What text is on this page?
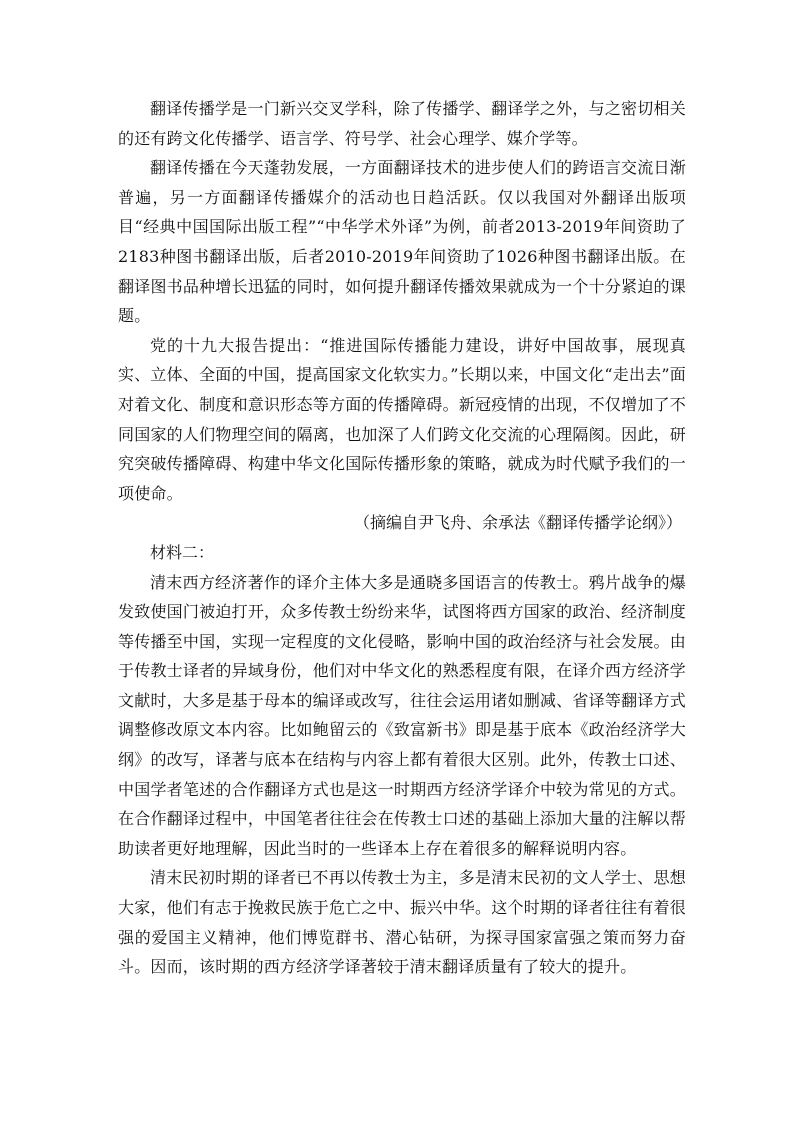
翻译传播学是一门新兴交叉学科，除了传播学、翻译学之外，与之密切相关的还有跨文化传播学、语言学、符号学、社会心理学、媒介学等。

翻译传播在今天蓬勃发展，一方面翻译技术的进步使人们的跨语言交流日渐普遍，另一方面翻译传播媒介的活动也日趋活跃。仅以我国对外翻译出版项目“经典中国国际出版工程”“中华学术外译”为例，前者2013-2019年间资助了2183种图书翻译出版，后者2010-2019年间资助了1026种图书翻译出版。在翻译图书品种增长迅猛的同时，如何提升翻译传播效果就成为一个十分紧迫的课题。

党的十九大报告提出：“推进国际传播能力建设，讲好中国故事，展现真实、立体、全面的中国，提高国家文化软实力。”长期以来，中国文化“走出去”面对着文化、制度和意识形态等方面的传播障碍。新冠疫情的出现，不仅增加了不同国家的人们物理空间的隔离，也加深了人们跨文化交流的心理隔阂。因此，研究突破传播障碍、构建中华文化国际传播形象的策略，就成为时代赋予我们的一项使命。

（摘编自尹飞舟、余承法《翻译传播学论纲》）

材料二：

清末西方经济著作的译介主体大多是通晓多国语言的传教士。鸦片战争的爆发致使国门被迫打开，众多传教士纷纷来华，试图将西方国家的政治、经济制度等传播至中国，实现一定程度的文化侵略，影响中国的政治经济与社会发展。由于传教士译者的异域身份，他们对中华文化的熟悉程度有限，在译介西方经济学文献时，大多是基于母本的编译或改写，往往会运用诸如删减、省译等翻译方式调整修改原文本内容。比如鲍留云的《致富新书》即是基于底本《政治经济学大纲》的改写，译著与底本在结构与内容上都有着很大区别。此外，传教士口述、中国学者笔述的合作翻译方式也是这一时期西方经济学译介中较为常见的方式。在合作翻译过程中，中国笔者往往会在传教士口述的基础上添加大量的注解以帮助读者更好地理解，因此当时的一些译本上存在着很多的解释说明内容。

清末民初时期的译者已不再以传教士为主，多是清末民初的文人学士、思想大家，他们有志于挽救民族于危亡之中、振兴中华。这个时期的译者往往有着很强的爱国主义精神，他们博览群书、潜心钻研，为探寻国家富强之策而努力奋斗。因而，该时期的西方经济学译著较于清末翻译质量有了较大的提升。
